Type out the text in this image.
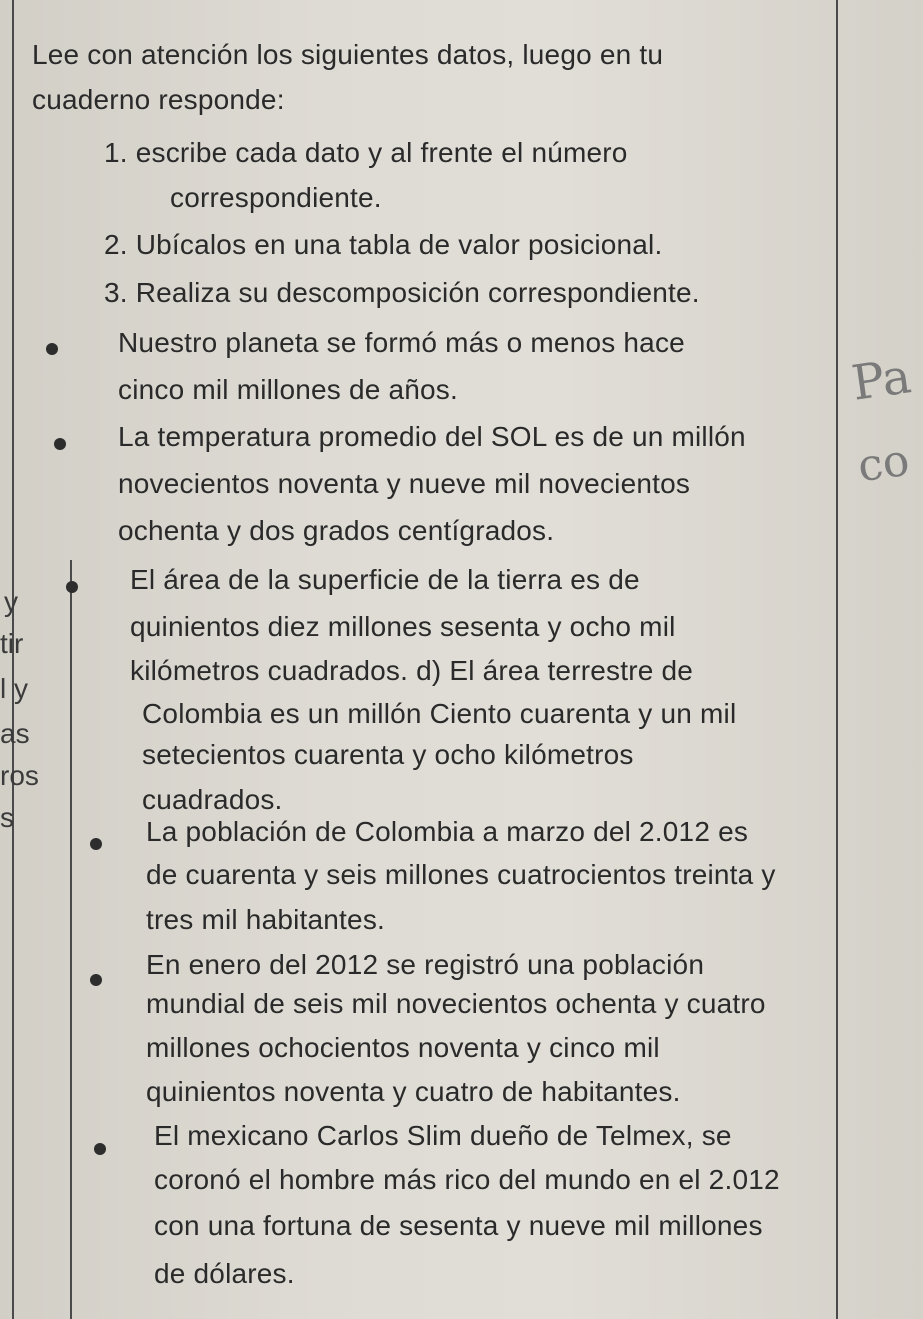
Lee con atención los siguientes datos, luego en tu
cuaderno responde:
1. escribe cada dato y al frente el número
correspondiente.
2. Ubícalos en una tabla de valor posicional.
3. Realiza su descomposición correspondiente.
Nuestro planeta se formó más o menos hace
cinco mil millones de años.
La temperatura promedio del SOL es de un millón
novecientos noventa y nueve mil novecientos
ochenta y dos grados centígrados.
El área de la superficie de la tierra es de
quinientos diez millones sesenta y ocho mil
kilómetros cuadrados. d) El área terrestre de
Colombia es un millón Ciento cuarenta y un mil
setecientos cuarenta y ocho kilómetros
cuadrados.
La población de Colombia a marzo del 2.012 es
de cuarenta y seis millones cuatrocientos treinta y
tres mil habitantes.
En enero del 2012 se registró una población
mundial de seis mil novecientos ochenta y cuatro
millones ochocientos noventa y cinco mil
quinientos noventa y cuatro de habitantes.
El mexicano Carlos Slim dueño de Telmex, se
coronó el hombre más rico del mundo en el 2.012
con una fortuna de sesenta y nueve mil millones
de dólares.
y
tir
l y
as
ros
s
Pa
co
